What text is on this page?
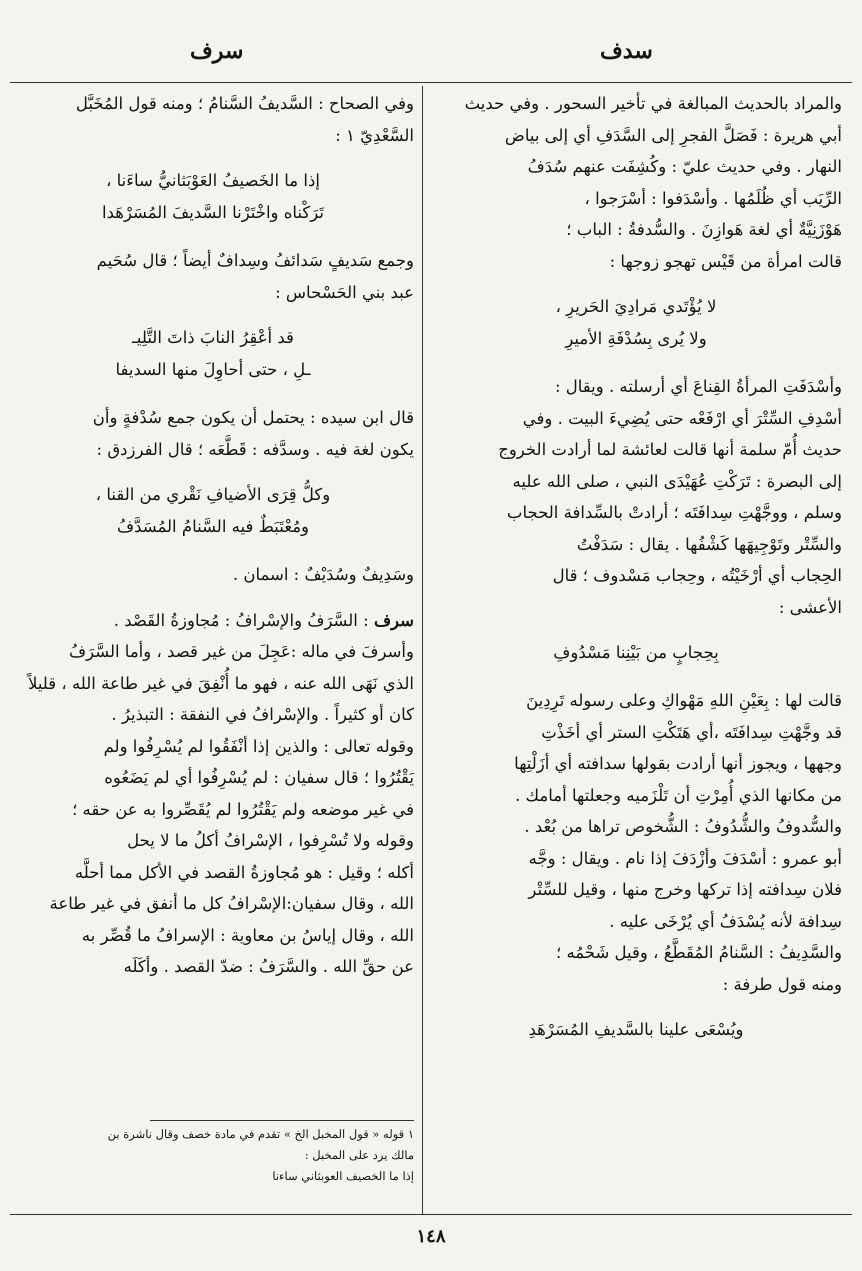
سدف
سرف

والمراد بالحديث المبالغة في تأخير السحور . وفي حديث

أبي هريرة : فَصَلَّ الفجرِ إلى السَّدَفِ أي إلى بياض

النهار . وفي حديث عليّ : وكُشِفَت عنهم سُدَفُ

الرِّيَب أي ظُلَمُها . وأسْدَفوا : أسْرَجوا ،

هَوْزَنِيَّةٌ أي لغة هَوازِنَ . والسُّدفةُ : الباب ؛

قالت امرأة من قَيْس تهجو زوجها :

لا يُؤْتَدي مَرادِيَ الحَريرِ ،
ولا يُرى بِسُدْفَةِ الأميرِ

وأسْدَفَتِ المرأةُ القِناعَ أي أرسلته . ويقال :

أسْدِفِ السِّتْرَ أي ارْفَعْه حتى يُضِيءَ البيت . وفي

حديث أُمّ سلمة أنها قالت لعائشة لما أرادت الخروج

إلى البصرة : تَرَكْتِ عُهَيْدَى النبي ، صلى الله عليه

وسلم ، ووجَّهْتِ سِدافَتَه ؛ أرادتْ بالسِّدافة الحجاب

والسِّتْر وتَوْجِيهَها كَشْفُها . يقال : سَدَفْتُ

الحِجاب أي أرْخَيْتُه ، وحِجاب مَسْدوف ؛ قال

الأعشى :

بِحِجابٍ من بَيْنِنا مَسْدُوفِ

قالت لها : بِعَيْنِ اللهِ مَهْواكِ وعلى رسوله تَرِدِينَ

قد وجَّهْتِ سِدافَتَه ،أي هَتَكْتِ الستر أي أخَذْتِ

وجهها ، ويجوز أنها أرادت بقولها سدافته أي أزَلْتِها

من مكانها الذي أُمِرْتِ أن تَلْزَميه وجعلتها أمامك .

والسُّدوفُ والشُّدُوفُ : الشُّخوص تراها من بُعْد .

أبو عمرو : أسْدَفَ وأزْدَفَ إذا نام . ويقال : وجَّه

فلان سِدافته إذا تركها وخرج منها ، وقيل للسِّتْر

سِدافة لأنه يُسْدَفُ أي يُرْخَى عليه .

والسَّدِيفُ : السَّنامُ المُقَطَّعُ ، وقيل شَحْمُه ؛

ومنه قول طرفة :

ويُسْعَى علينا بالسَّديفِ المُسَرْهَدِ

وفي الصحاح : السَّديفُ السَّنامُ ؛ ومنه قول المُخَبَّل

السَّعْدِيّ ١ :

إذا ما الخَصيفُ العَوْبَثانيُّ ساءَنا ،
تَرَكْناه واخْتَرْنا السَّديفَ المُسَرْهَدا

وجمع سَديفٍ سَدائفُ وسِدافٌ أيضاً ؛ قال سُحَيم

عبد بني الحَسْحاس :

قد أعْقِرُ النابَ ذاتَ التَّلِيـ
ـلِ ، حتى أحاوِلَ منها السديفا

قال ابن سيده : يحتمل أن يكون جمع سُدْفةٍ وأن

يكون لغة فيه . وسدَّفه : قَطَّعَه ؛ قال الفرزدق :

وكلُّ قِرَى الأضيافِ نَقْري من القنا ،
ومُعْتَبَطٌ فيه السَّنامُ المُسَدَّفُ

وسَدِيفٌ وسُدَيْفٌ : اسمان .

سرف : السَّرَفُ والإسْرافُ : مُجاوزةُ القَصْد .

وأسرفَ في ماله :عَجِلَ من غير قصد ، وأما السَّرَفُ

الذي نَهَى الله عنه ، فهو ما أُنْفِقَ في غير طاعة الله ، قليلاً

كان أو كثيراً . والإسْرافُ في النفقة : التبذيرُ .

وقوله تعالى : والذين إذا أنْفَقُوا لم يُسْرِفُوا ولم

يَقْتُرُوا ؛ قال سفيان : لم يُسْرِفُوا أي لم يَضَعُوه

في غير موضعه ولم يَقْتُرُوا لم يُقَصِّروا به عن حقه ؛

وقوله ولا تُسْرِفوا ، الإسْرافُ أكلُ ما لا يحل

أكله ؛ وقيل : هو مُجاوزةُ القصد في الأكل مما أحلَّه

الله ، وقال سفيان:الإسْرافُ كل ما أنفق في غير طاعة

الله ، وقال إياسُ بن معاوية : الإسرافُ ما قُصِّر به

عن حقِّ الله . والسَّرَفُ : ضدّ القصد . وأكَلَه

١ قوله « قول المخبل الخ » تقدم في مادة خصف وقال ناشرة بن
مالك يرد على المخبل :
إذا ما الخصيف العوبثاني ساءنا
١٤٨
